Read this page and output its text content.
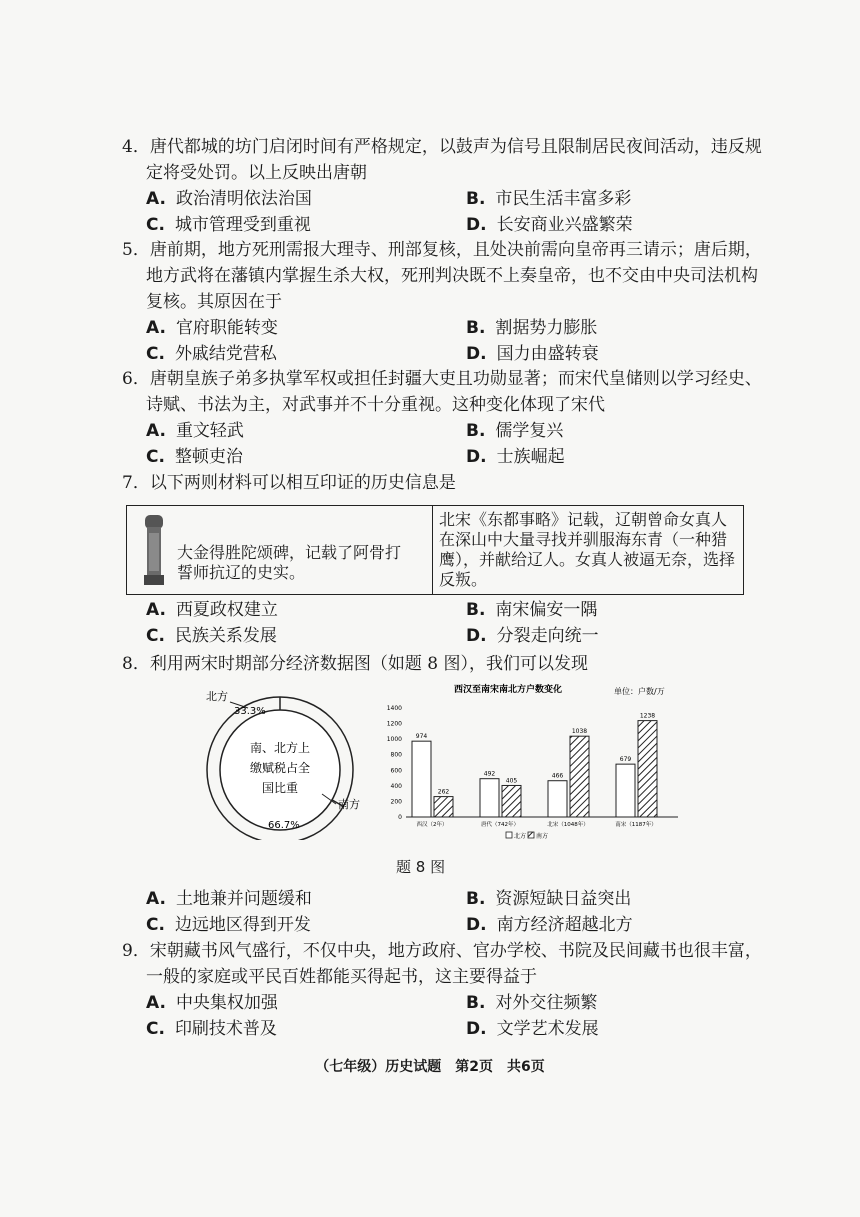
4．唐代都城的坊门启闭时间有严格规定，以鼓声为信号且限制居民夜间活动，违反规定将受处罚。以上反映出唐朝
A. 政治清明依法治国	B. 市民生活丰富多彩
C. 城市管理受到重视	D. 长安商业兴盛繁荣
5．唐前期，地方死刑需报大理寺、刑部复核，且处决前需向皇帝再三请示；唐后期，地方武将在藩镇内掌握生杀大权，死刑判决既不上奏皇帝，也不交由中央司法机构复核。其原因在于
A. 官府职能转变	B. 割据势力膨胀
C. 外戚结党营私	D. 国力由盛转衰
6．唐朝皇族子弟多执掌军权或担任封疆大吏且功勋显著；而宋代皇储则以学习经史、诗赋、书法为主，对武事并不十分重视。这种变化体现了宋代
A. 重文轻武	B. 儒学复兴
C. 整顿吏治	D. 士族崛起
7．以下两则材料可以相互印证的历史信息是
大金得胜陀颂碑，记载了阿骨打誓师抗辽的史实。
北宋《东都事略》记载，辽朝曾命女真人在深山中大量寻找并驯服海东青（一种猎鹰），并献给辽人。女真人被逼无奈，选择反叛。
A. 西夏政权建立	B. 南宋偏安一隅
C. 民族关系发展	D. 分裂走向统一
8．利用两宋时期部分经济数据图（如题 8 图），我们可以发现
33.3%
北方
66.7%
南方
南、北方上
缴赋税占全
国比重
西汉至南宋南北方户数变化	单位：户数/万
0
200
400
600
800
1000
1200
1400
974
262
西汉（2年）
492
405
唐代（742年）
466
1038
北宋（1048年）
679
1238
南宋（1187年）
北方 南方
题 8 图
A. 土地兼并问题缓和	B. 资源短缺日益突出
C. 边远地区得到开发	D. 南方经济超越北方
9．宋朝藏书风气盛行，不仅中央，地方政府、官办学校、书院及民间藏书也很丰富，一般的家庭或平民百姓都能买得起书，这主要得益于
A. 中央集权加强	B. 对外交往频繁
C. 印刷技术普及	D. 文学艺术发展
（七年级）历史试题　第2页　共6页
